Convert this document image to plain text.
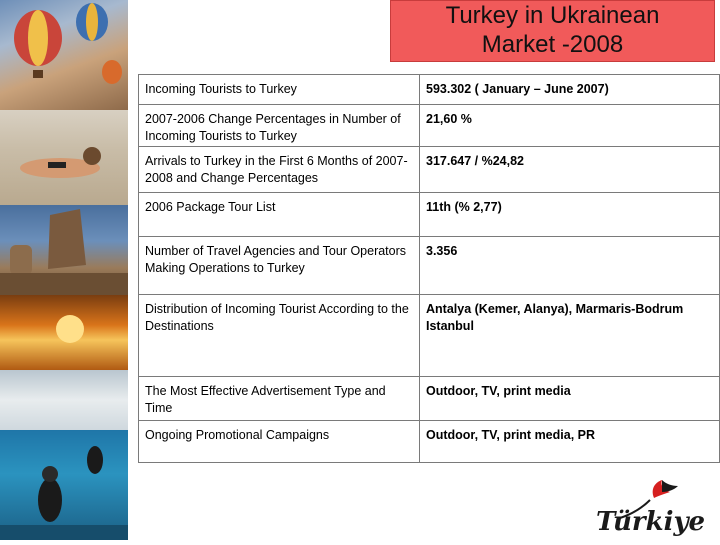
Turkey in Ukrainean
Market -2008
Incoming Tourists to Turkey	593.302 ( January – June 2007)
2007-2006 Change Percentages in Number of Incoming Tourists to Turkey	21,60 %
Arrivals to Turkey in the First 6 Months of 2007-2008 and Change Percentages	317.647 / %24,82
2006 Package Tour List	11th (% 2,77)
Number of Travel Agencies and Tour Operators Making Operations to Turkey	3.356
Distribution of Incoming Tourist According to the Destinations	Antalya (Kemer, Alanya), Marmaris-Bodrum Istanbul
The Most Effective Advertisement Type and Time	Outdoor, TV, print media
Ongoing Promotional Campaigns	Outdoor, TV, print media, PR
Türkiye
